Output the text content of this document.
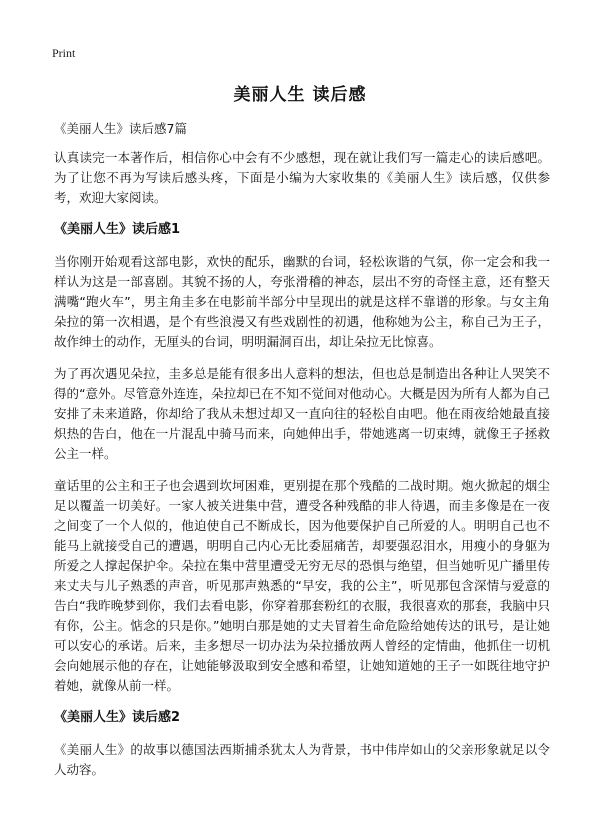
Print
美丽人生 读后感
《美丽人生》读后感7篇

认真读完一本著作后，相信你心中会有不少感想，现在就让我们写一篇走心的读后感吧。为了让您不再为写读后感头疼，下面是小编为大家收集的《美丽人生》读后感，仅供参考，欢迎大家阅读。

《美丽人生》读后感1

当你刚开始观看这部电影，欢快的配乐，幽默的台词，轻松诙谐的气氛，你一定会和我一样认为这是一部喜剧。其貌不扬的人，夸张滑稽的神态，层出不穷的奇怪主意，还有整天满嘴“跑火车”，男主角圭多在电影前半部分中呈现出的就是这样不靠谱的形象。与女主角朵拉的第一次相遇，是个有些浪漫又有些戏剧性的初遇，他称她为公主，称自己为王子，故作绅士的动作，无厘头的台词，明明漏洞百出，却让朵拉无比惊喜。

为了再次遇见朵拉，圭多总是能有很多出人意料的想法，但也总是制造出各种让人哭笑不得的“意外。尽管意外连连，朵拉却已在不知不觉间对他动心。大概是因为所有人都为自己安排了未来道路，你却给了我从未想过却又一直向往的轻松自由吧。他在雨夜给她最直接炽热的告白，他在一片混乱中骑马而来，向她伸出手，带她逃离一切束缚，就像王子拯救公主一样。

童话里的公主和王子也会遇到坎坷困难，更别提在那个残酷的二战时期。炮火掀起的烟尘足以覆盖一切美好。一家人被关进集中营，遭受各种残酷的非人待遇，而圭多像是在一夜之间变了一个人似的，他迫使自己不断成长，因为他要保护自己所爱的人。明明自己也不能马上就接受自己的遭遇，明明自己内心无比委屈痛苦，却要强忍泪水，用瘦小的身躯为所爱之人撑起保护伞。朵拉在集中营里遭受无穷无尽的恐惧与绝望，但当她听见广播里传来丈夫与儿子熟悉的声音，听见那声熟悉的“早安，我的公主”，听见那包含深情与爱意的告白“我昨晚梦到你，我们去看电影，你穿着那套粉红的衣服，我很喜欢的那套，我脑中只有你，公主。惦念的只是你。”她明白那是她的丈夫冒着生命危险给她传达的讯号，是让她可以安心的承诺。后来，圭多想尽一切办法为朵拉播放两人曾经的定情曲，他抓住一切机会向她展示他的存在，让她能够汲取到安全感和希望，让她知道她的王子一如既往地守护着她，就像从前一样。

《美丽人生》读后感2

《美丽人生》的故事以德国法西斯捕杀犹太人为背景，书中伟岸如山的父亲形象就足以令人动容。
